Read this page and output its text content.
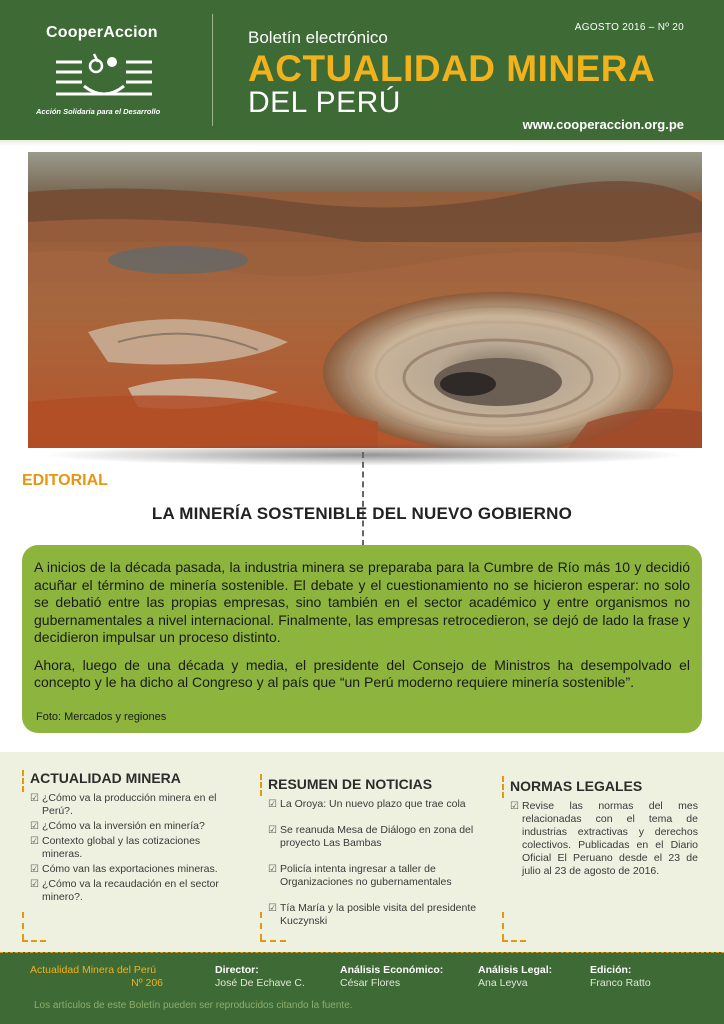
CooperAccion
Acción Solidaria para el Desarrollo
Boletín electrónico
ACTUALIDAD MINERA
DEL PERÚ
AGOSTO 2016 – Nº 20
www.cooperaccion.org.pe
EDITORIAL
LA MINERÍA SOSTENIBLE DEL NUEVO GOBIERNO

A inicios de la década pasada, la industria minera se preparaba para la Cumbre de Río más 10 y decidió acuñar el término de minería sostenible. El debate y el cuestionamiento no se hicieron esperar: no solo se debatió entre las propias empresas, sino también en el sector académico y entre organismos no gubernamentales a nivel internacional. Finalmente, las empresas retrocedieron, se dejó de lado la frase y decidieron impulsar un proceso distinto.

Ahora, luego de una década y media, el presidente del Consejo de Ministros ha desempolvado el concepto y le ha dicho al Congreso y al país que “un Perú moderno requiere minería sostenible”.

Foto: Mercados y regiones
ACTUALIDAD MINERA
☑ ¿Cómo va la producción minera en el Perú?.
☑ ¿Cómo va la inversión en minería?
☑ Contexto global y las cotizaciones mineras.
☑ Cómo van las exportaciones mineras.
☑ ¿Cómo va la recaudación en el sector minero?.
RESUMEN DE NOTICIAS
☑ La Oroya: Un nuevo plazo que trae cola
☑ Se reanuda Mesa de Diálogo en zona del proyecto Las Bambas
☑ Policía intenta ingresar a taller de Organizaciones no gubernamentales
☑ Tía María y la posible visita del presidente Kuczynski
NORMAS LEGALES
☑ Revise las normas del mes relacionadas con el tema de industrias extractivas y derechos colectivos. Publicadas en el Diario Oficial El Peruano desde el 23 de julio al 23 de agosto de 2016.
Actualidad Minera del Perú
Nº 206
Director:
José De Echave C.
Análisis Económico:
César Flores
Análisis Legal:
Ana Leyva
Edición:
Franco Ratto
Los artículos de este Boletín pueden ser reproducidos citando la fuente.
